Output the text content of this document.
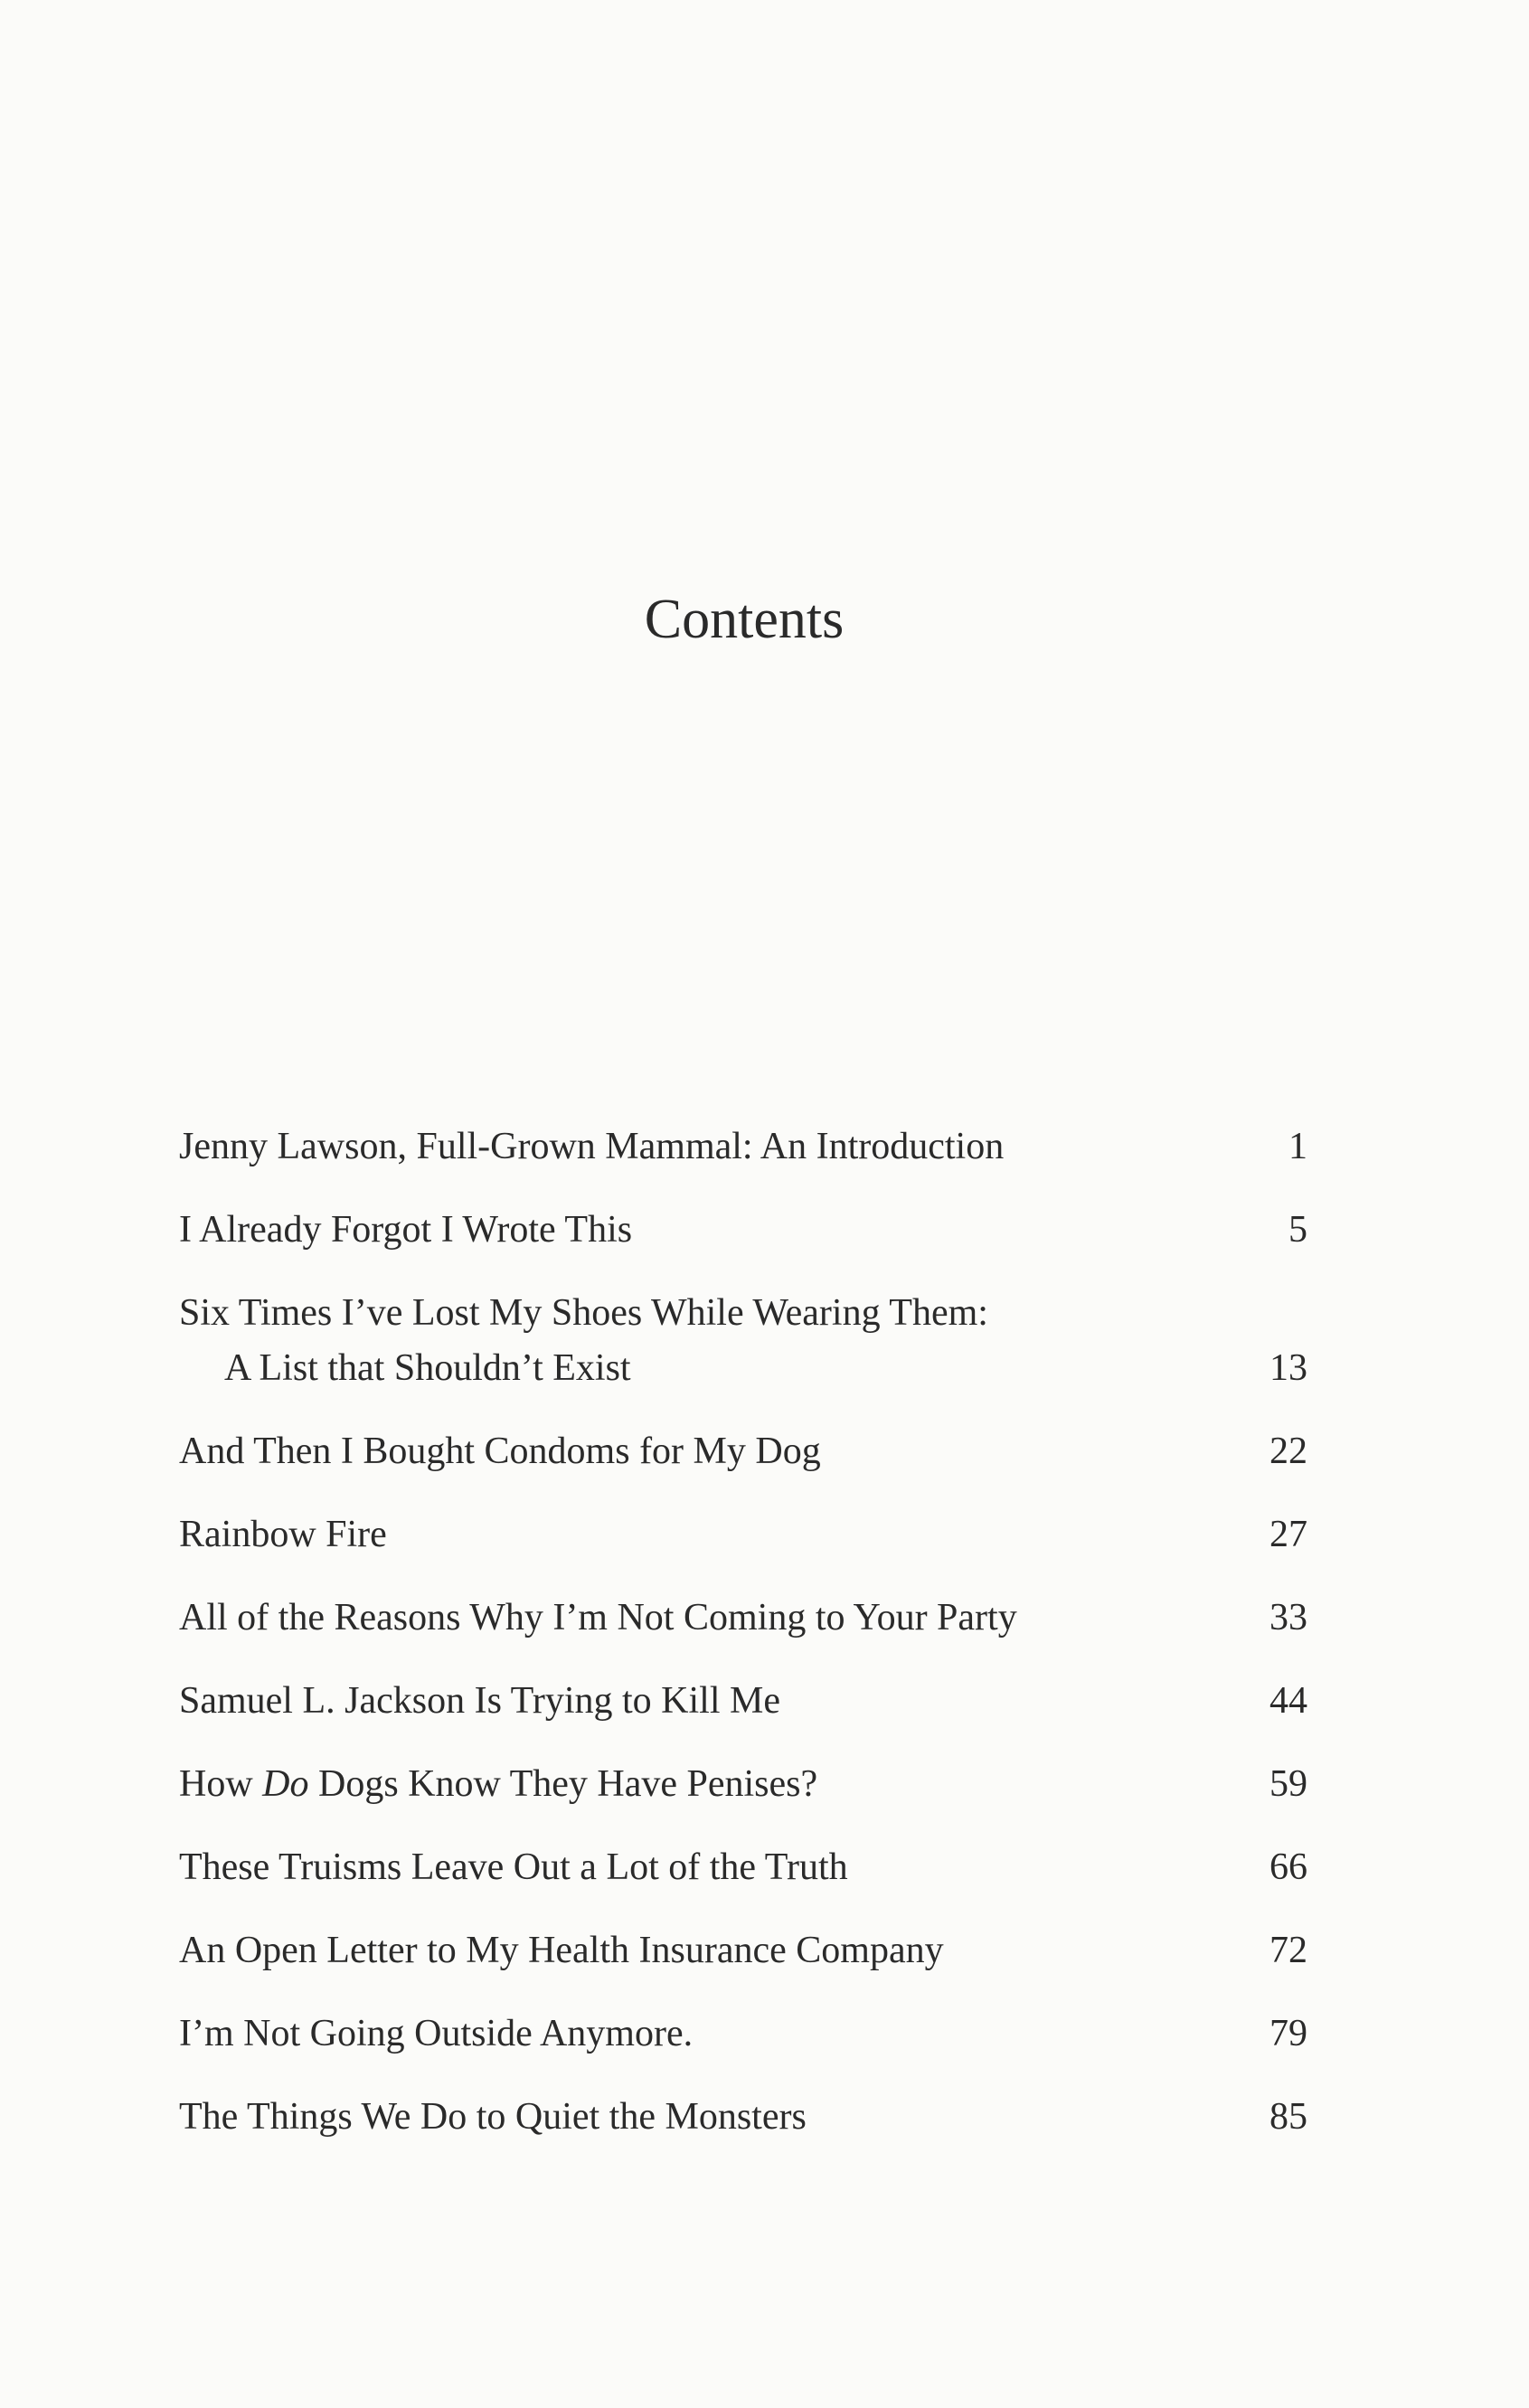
Contents
Jenny Lawson, Full-Grown Mammal: An Introduction	1
I Already Forgot I Wrote This	5
Six Times I’ve Lost My Shoes While Wearing Them:
A List that Shouldn’t Exist	13
And Then I Bought Condoms for My Dog	22
Rainbow Fire	27
All of the Reasons Why I’m Not Coming to Your Party	33
Samuel L. Jackson Is Trying to Kill Me	44
How Do Dogs Know They Have Penises?	59
These Truisms Leave Out a Lot of the Truth	66
An Open Letter to My Health Insurance Company	72
I’m Not Going Outside Anymore.	79
The Things We Do to Quiet the Monsters	85
